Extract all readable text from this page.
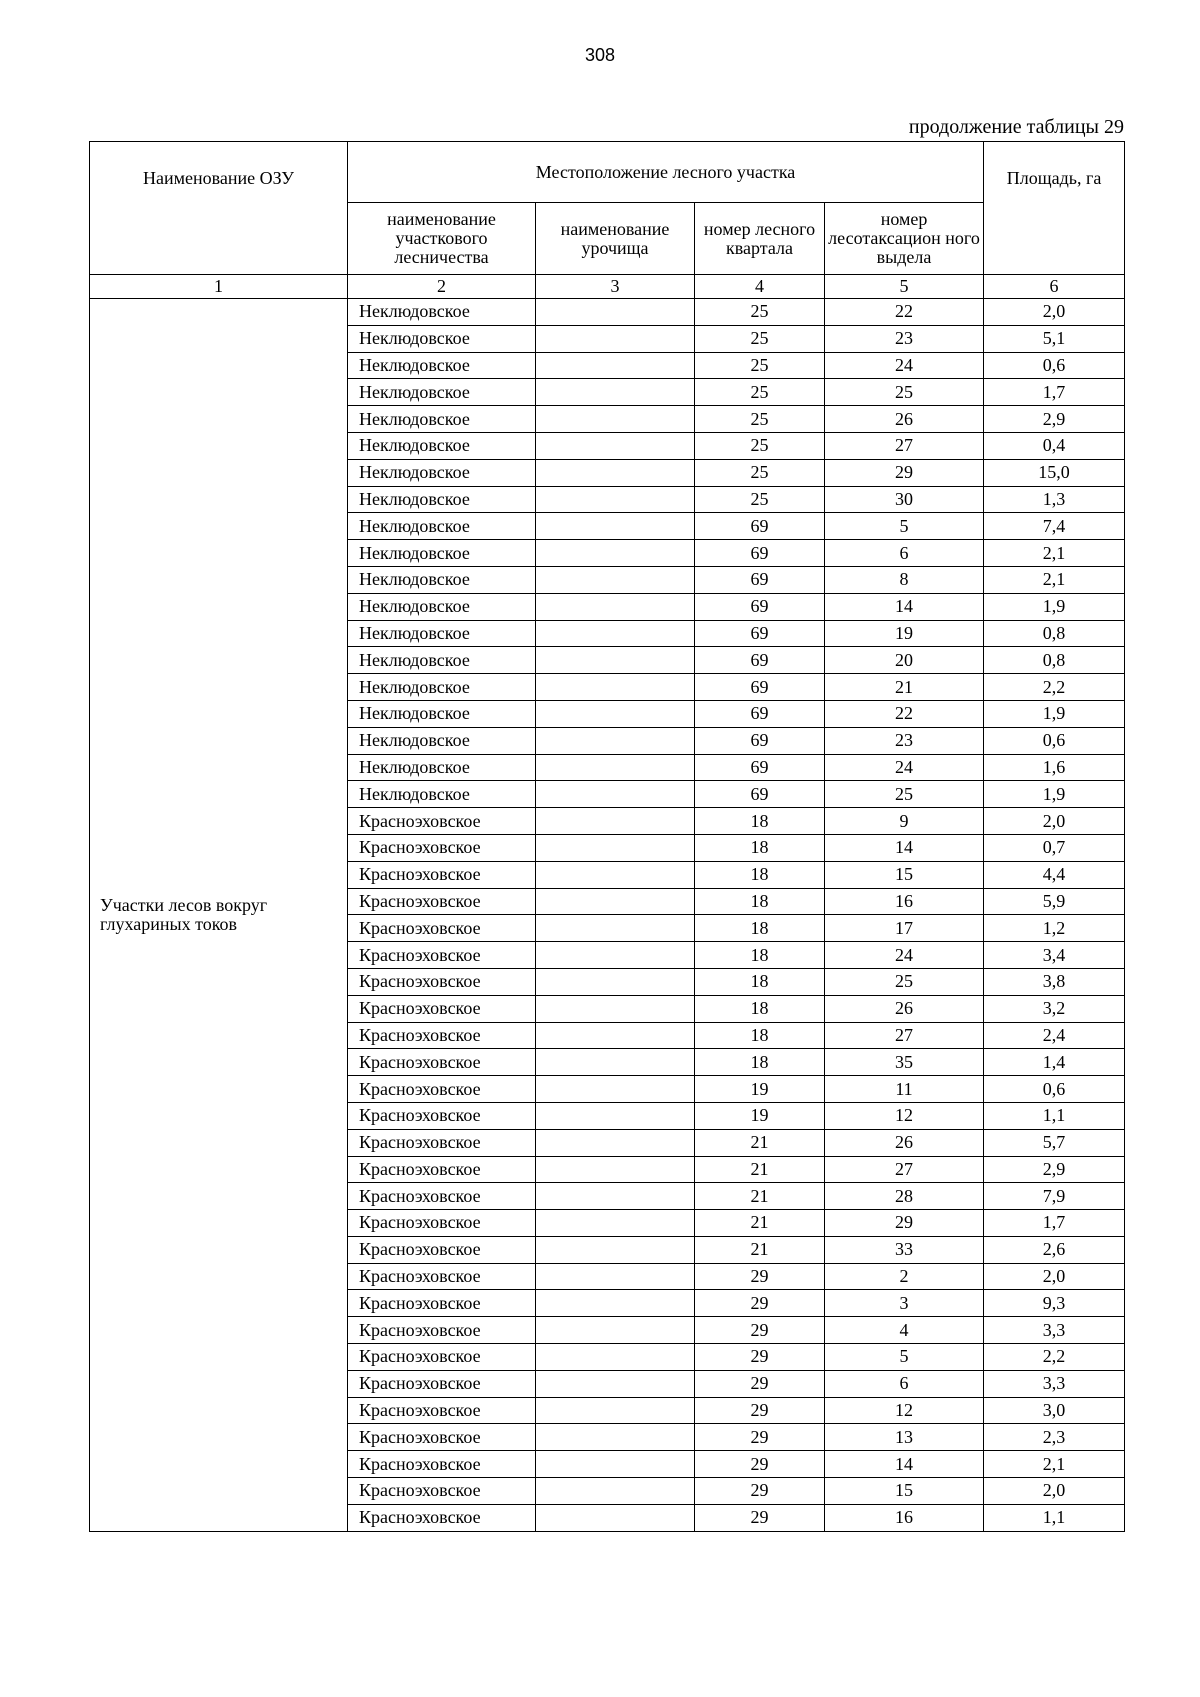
308
продолжение таблицы 29
Наименование ОЗУ	Местоположение лесного участка				Площадь, га
	наименование участкового лесничества	наименование урочища	номер лесного квартала	номер лесотаксацион ного выдела	
1	2	3	4	5	6
Участки лесов вокруг глухариных токов	Неклюдовское		25	22	2,0
	Неклюдовское		25	23	5,1
	Неклюдовское		25	24	0,6
	Неклюдовское		25	25	1,7
	Неклюдовское		25	26	2,9
	Неклюдовское		25	27	0,4
	Неклюдовское		25	29	15,0
	Неклюдовское		25	30	1,3
	Неклюдовское		69	5	7,4
	Неклюдовское		69	6	2,1
	Неклюдовское		69	8	2,1
	Неклюдовское		69	14	1,9
	Неклюдовское		69	19	0,8
	Неклюдовское		69	20	0,8
	Неклюдовское		69	21	2,2
	Неклюдовское		69	22	1,9
	Неклюдовское		69	23	0,6
	Неклюдовское		69	24	1,6
	Неклюдовское		69	25	1,9
	Красноэховское		18	9	2,0
	Красноэховское		18	14	0,7
	Красноэховское		18	15	4,4
	Красноэховское		18	16	5,9
	Красноэховское		18	17	1,2
	Красноэховское		18	24	3,4
	Красноэховское		18	25	3,8
	Красноэховское		18	26	3,2
	Красноэховское		18	27	2,4
	Красноэховское		18	35	1,4
	Красноэховское		19	11	0,6
	Красноэховское		19	12	1,1
	Красноэховское		21	26	5,7
	Красноэховское		21	27	2,9
	Красноэховское		21	28	7,9
	Красноэховское		21	29	1,7
	Красноэховское		21	33	2,6
	Красноэховское		29	2	2,0
	Красноэховское		29	3	9,3
	Красноэховское		29	4	3,3
	Красноэховское		29	5	2,2
	Красноэховское		29	6	3,3
	Красноэховское		29	12	3,0
	Красноэховское		29	13	2,3
	Красноэховское		29	14	2,1
	Красноэховское		29	15	2,0
	Красноэховское		29	16	1,1
